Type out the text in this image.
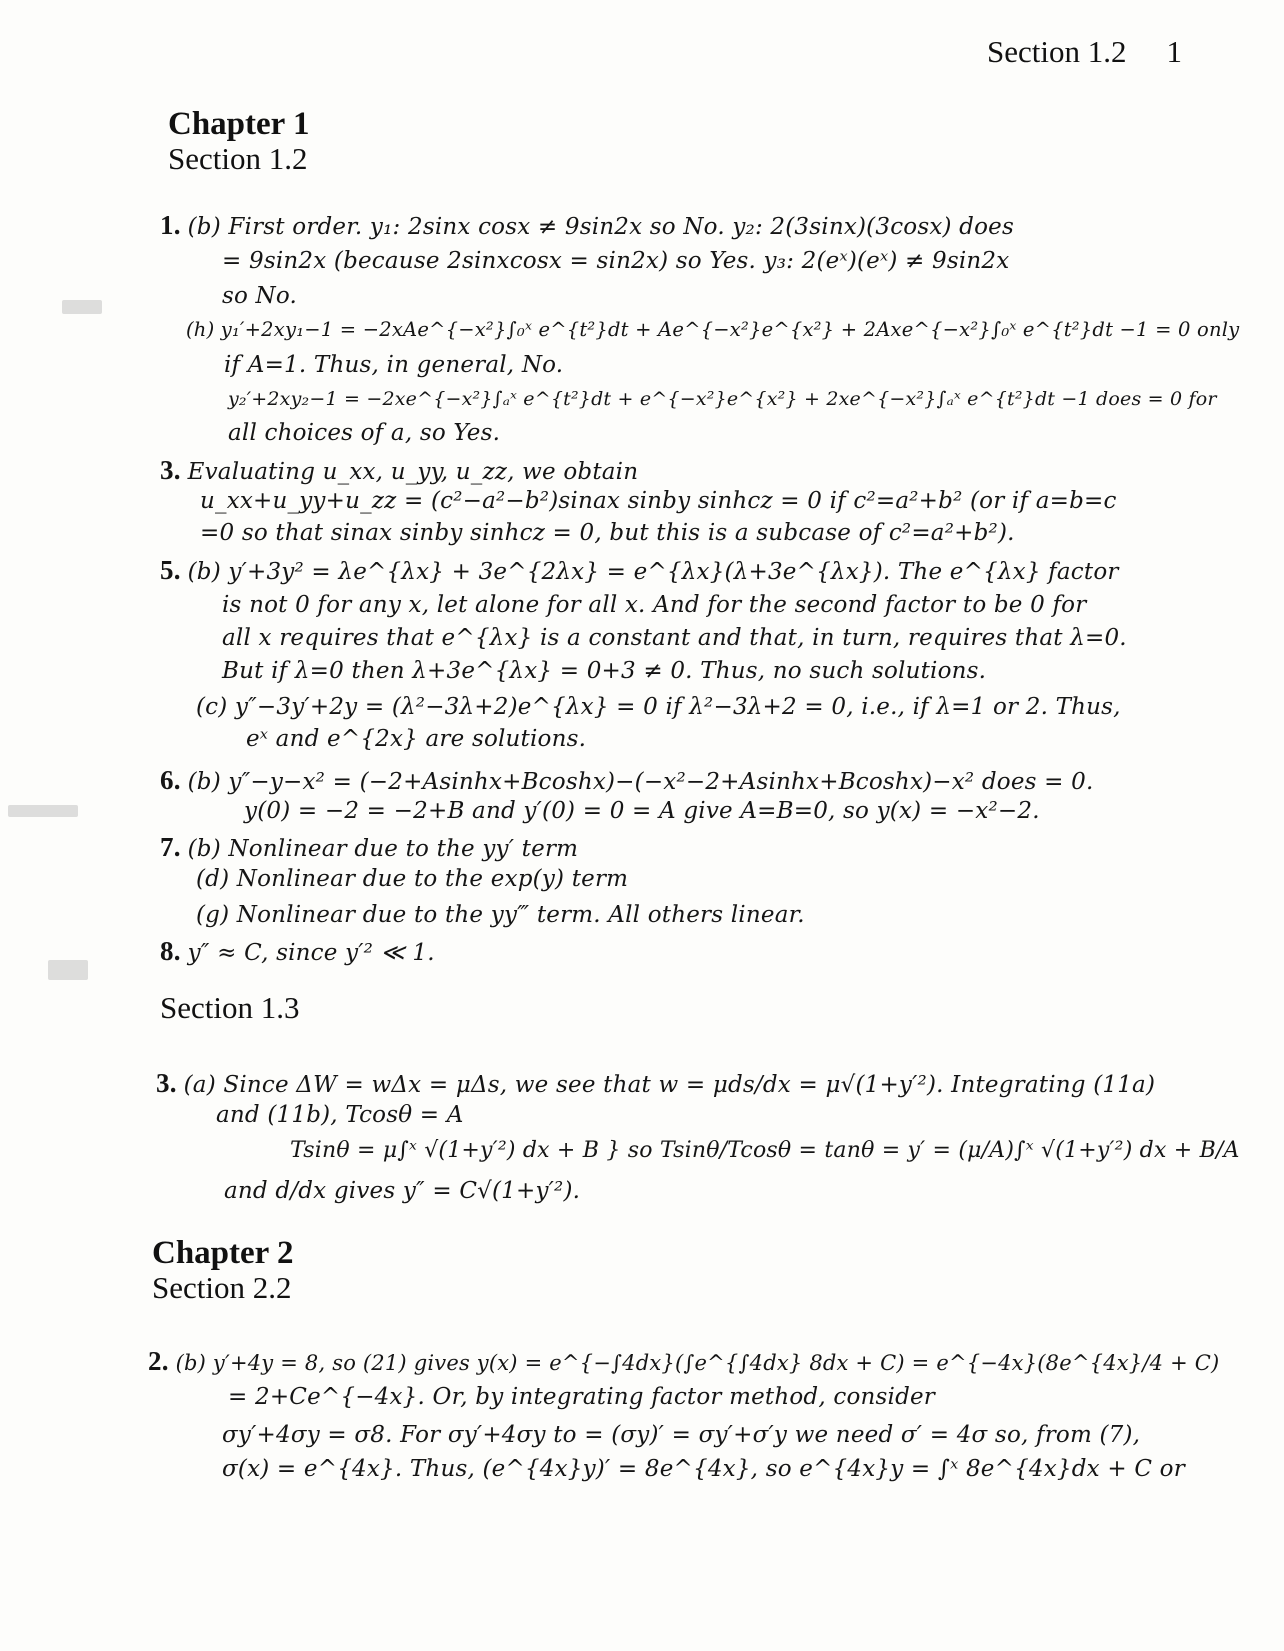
Section 1.2 1
Chapter 1
Section 1.2
Section 1.3
Chapter 2
Section 2.2
1. (b) First order. y₁: 2sinx cosx ≠ 9sin2x so No. y₂: 2(3sinx)(3cosx) does
= 9sin2x (because 2sinxcosx = sin2x) so Yes. y₃: 2(eˣ)(eˣ) ≠ 9sin2x
so No.
(h) y₁′+2xy₁−1 = −2xAe^{−x²}∫₀ˣ e^{t²}dt + Ae^{−x²}e^{x²} + 2Axe^{−x²}∫₀ˣ e^{t²}dt −1 = 0 only
if A=1. Thus, in general, No.
y₂′+2xy₂−1 = −2xe^{−x²}∫ₐˣ e^{t²}dt + e^{−x²}e^{x²} + 2xe^{−x²}∫ₐˣ e^{t²}dt −1 does = 0 for
all choices of a, so Yes.
3. Evaluating u_xx, u_yy, u_zz, we obtain
u_xx+u_yy+u_zz = (c²−a²−b²)sinax sinby sinhcz = 0 if c²=a²+b² (or if a=b=c
=0 so that sinax sinby sinhcz = 0, but this is a subcase of c²=a²+b²).
5. (b) y′+3y² = λe^{λx} + 3e^{2λx} = e^{λx}(λ+3e^{λx}). The e^{λx} factor
is not 0 for any x, let alone for all x. And for the second factor to be 0 for
all x requires that e^{λx} is a constant and that, in turn, requires that λ=0.
But if λ=0 then λ+3e^{λx} = 0+3 ≠ 0. Thus, no such solutions.
(c) y″−3y′+2y = (λ²−3λ+2)e^{λx} = 0 if λ²−3λ+2 = 0, i.e., if λ=1 or 2. Thus,
eˣ and e^{2x} are solutions.
6. (b) y″−y−x² = (−2+Asinhx+Bcoshx)−(−x²−2+Asinhx+Bcoshx)−x² does = 0.
y(0) = −2 = −2+B and y′(0) = 0 = A give A=B=0, so y(x) = −x²−2.
7. (b) Nonlinear due to the yy′ term
(d) Nonlinear due to the exp(y) term
(g) Nonlinear due to the yy‴ term. All others linear.
8. y″ ≈ C, since y′² ≪ 1.
3. (a) Since ΔW = wΔx = μΔs, we see that w = μds/dx = μ√(1+y′²). Integrating (11a)
and (11b), Tcosθ = A
Tsinθ = μ∫ˣ √(1+y′²) dx + B } so Tsinθ/Tcosθ = tanθ = y′ = (μ/A)∫ˣ √(1+y′²) dx + B/A
and d/dx gives y″ = C√(1+y′²).
2. (b) y′+4y = 8, so (21) gives y(x) = e^{−∫4dx}(∫e^{∫4dx} 8dx + C) = e^{−4x}(8e^{4x}/4 + C)
= 2+Ce^{−4x}. Or, by integrating factor method, consider
σy′+4σy = σ8. For σy′+4σy to = (σy)′ = σy′+σ′y we need σ′ = 4σ so, from (7),
σ(x) = e^{4x}. Thus, (e^{4x}y)′ = 8e^{4x}, so e^{4x}y = ∫ˣ 8e^{4x}dx + C or
